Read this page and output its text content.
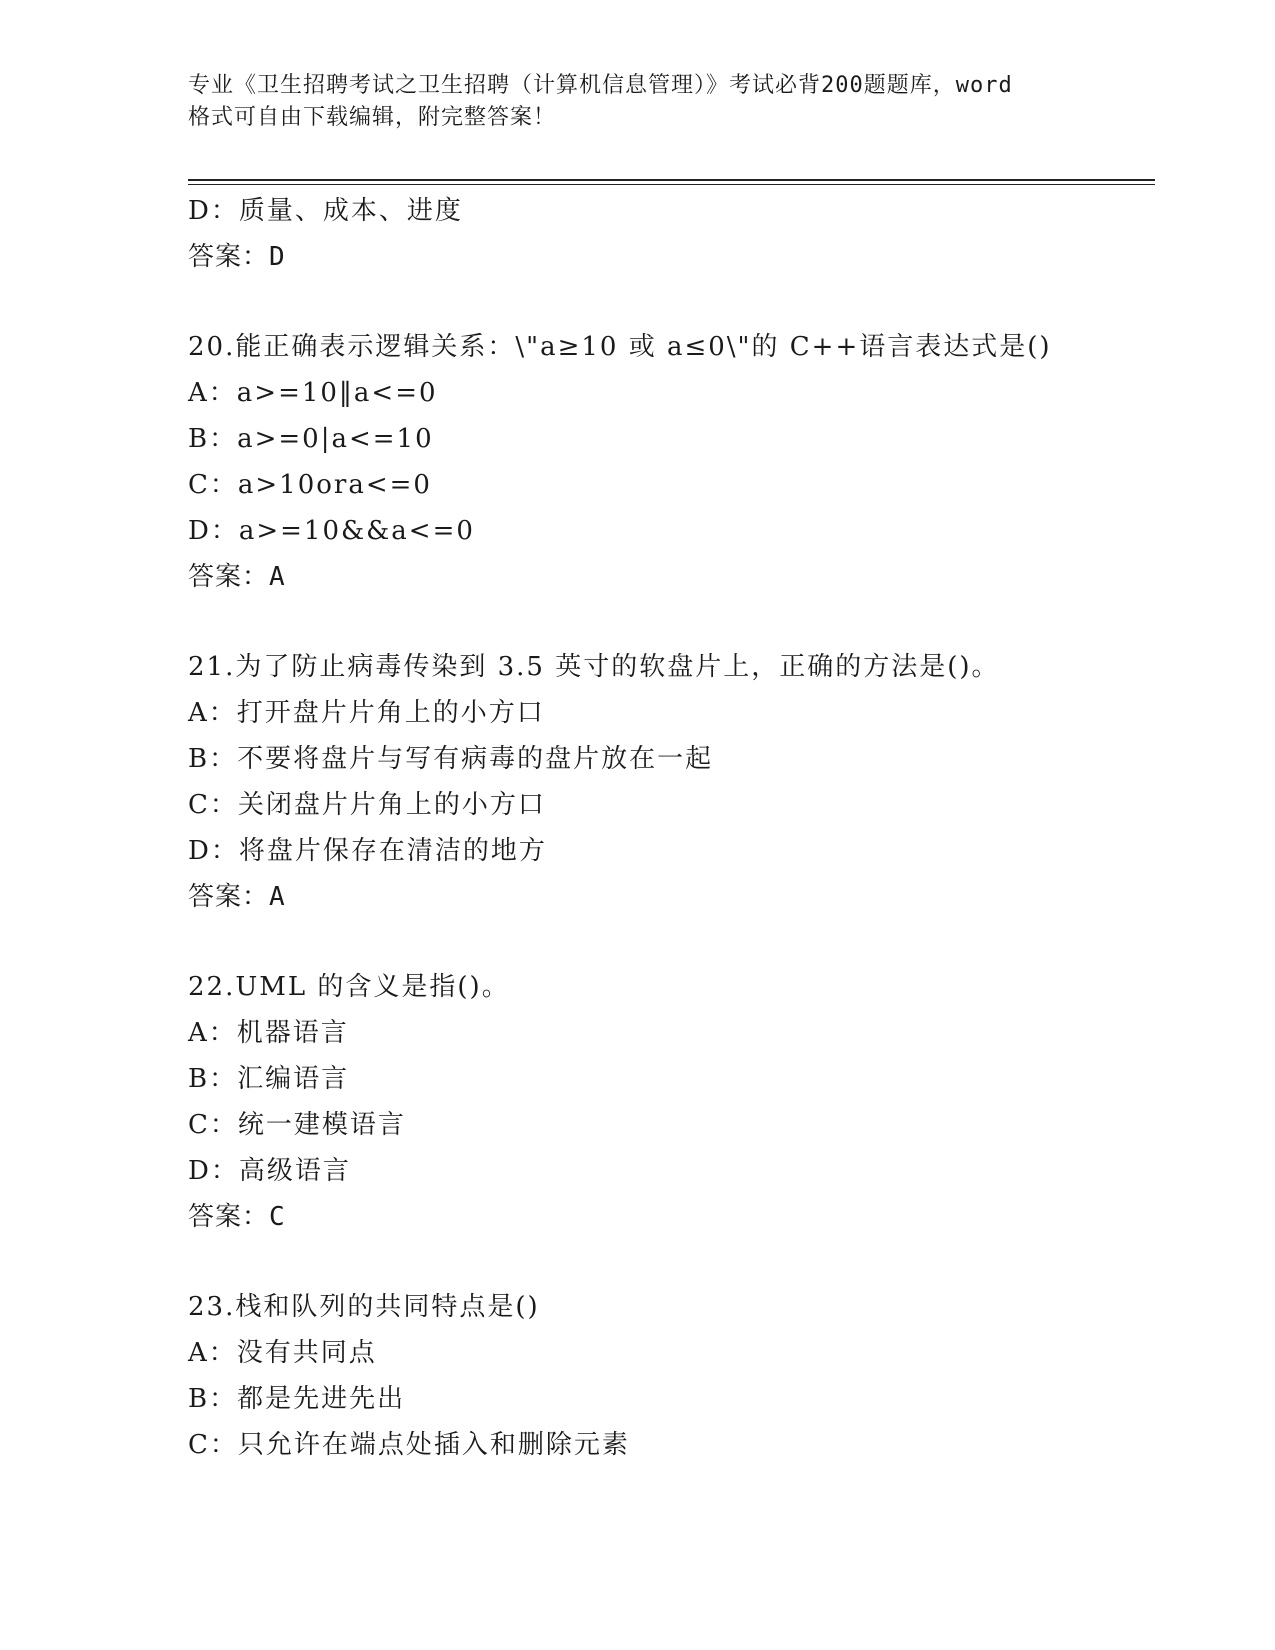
专业《卫生招聘考试之卫生招聘（计算机信息管理）》考试必背200题题库，word
格式可自由下载编辑，附完整答案！
D：质量、成本、进度
答案：D
20.能正确表示逻辑关系：\"a≥10 或 a≤0\"的 C++语言表达式是()
A：a>=10‖a<=0
B：a>=0|a<=10
C：a>10ora<=0
D：a>=10&&a<=0
答案：A
21.为了防止病毒传染到 3.5 英寸的软盘片上，正确的方法是()。
A：打开盘片片角上的小方口
B：不要将盘片与写有病毒的盘片放在一起
C：关闭盘片片角上的小方口
D：将盘片保存在清洁的地方
答案：A
22.UML 的含义是指()。
A：机器语言
B：汇编语言
C：统一建模语言
D：高级语言
答案：C
23.栈和队列的共同特点是()
A：没有共同点
B：都是先进先出
C：只允许在端点处插入和删除元素
